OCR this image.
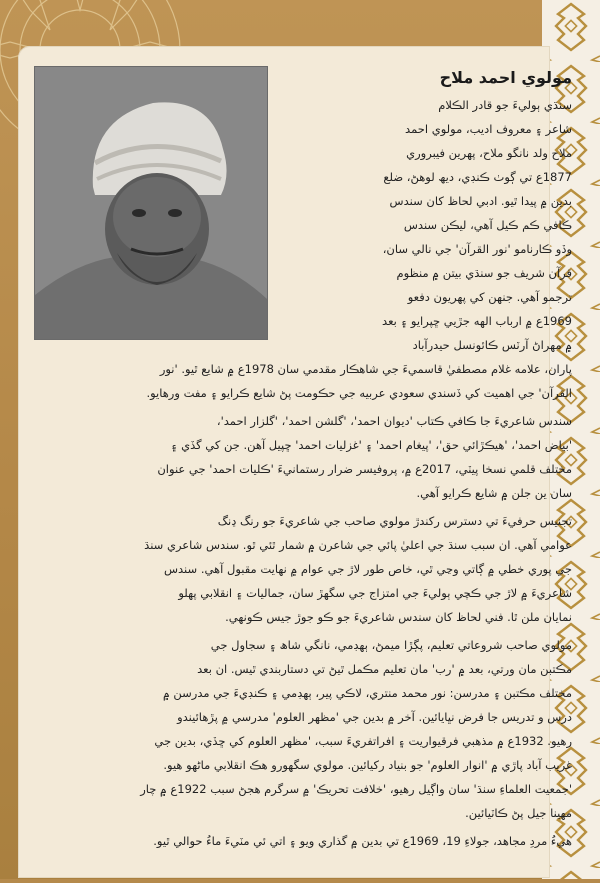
مولوي احمد ملاح
سنڌي ٻوليءَ جو قادر الڪلام
شاعر ۽ معروف اديب، مولوي احمد
ملاح ولد نانگو ملاح، پهرين فيبروري
1877ع تي ڳوٺ ڪنڊي، ديھ لوهڻ، ضلع
بدين ۾ پيدا ٿيو. ادبي لحاظ کان سندس
ڪافي ڪم ڪيل آهي، ليڪن سندس
وڏو ڪارنامو 'نور القرآن' جي نالي سان،
قرآن شريف جو سنڌي بيتن ۾ منظوم
ترجمو آهي. جنهن کي پهريون دفعو
1969ع ۾ ارباب الهه جڙيي ڇپرايو ۽ بعد
۾ مهراڻ آرٽس ڪائونسل حيدرآباد
پاران، علامه غلام مصطفيٰ قاسميءَ جي شاهڪار مقدمي سان 1978ع ۾ شايع ٿيو. 'نور
القرآن' جي اهميت کي ڏسندي سعودي عربيه جي حڪومت پڻ شايع ڪرايو ۽ مفت ورهايو.
سندس شاعريءَ جا ڪافي ڪتاب 'ديوان احمد'، 'گلشن احمد'، 'گلزار احمد'،
'بياض احمد'، 'هيڪڙائي حق'، 'پيغام احمد' ۽ 'غزليات احمد' ڇپيل آهن. جن کي گڏي ۽
مختلف قلمي نسخا پيٽي، 2017ع ۾، پروفيسر ضرار رستمانيءَ 'ڪليات احمد' جي عنوان
سان ين جلن ۾ شايع ڪرايو آهي.
تجنيس حرفيءَ تي دسترس رکندڙ مولوي صاحب جي شاعريءَ جو رنگ ڍنگ
عوامي آهي. ان سبب سنڌ جي اعليٰ پائي جي شاعرن ۾ شمار ٿئي ٿو. سندس شاعري سنڌ
جي پوري خطي ۾ ڳاتي وڃي ٿي، خاص طور لاڙ جي عوام ۾ نهايت مقبول آهي. سندس
شاعريءَ ۾ لاڙ جي ڪچي ٻوليءَ جي امتزاج جي سگھڙ سان، جماليات ۽ انقلابي پهلو
نمايان ملن ٿا. فني لحاظ کان سندس شاعريءَ جو ڪو جوڙ جيس ڪونهي.
مولوي صاحب شروعاتي تعليم، پڳڙا ميمڻ، ٻهڊمي، نانگي شاھ ۽ سجاول جي
مڪتبن مان ورتي، بعد ۾ 'رب' مان تعليم مڪمل ٿيڻ تي دستاربندي ٿيس. ان بعد
مختلف مڪتبن ۽ مدرسن: نور محمد منتري، لاڪي پير، ٻهڊمي ۽ ڪنڊيءَ جي مدرسن ۾
درس و تدريس جا فرض نڀايائين. آخر ۾ بدين جي 'مظهر العلوم' مدرسي ۾ پڙهائيندو
رهيو. 1932ع ۾ مذهبي فرقيواريت ۽ افراتفريءَ سبب، 'مظهر العلوم کي ڇڏي، بدين جي
غريب آباد پاڙي ۾ 'انوار العلوم' جو بنياد رکيائين. مولوي سگھورو هڪ انقلابي ماڻهو هيو.
'جمعيت العلماءِ سنڌ' سان واڳيل رهيو، 'خلافت تحريڪ' ۾ سرگرم هجڻ سبب 1922ع ۾ چار
مهينا جيل پڻ ڪاٽيائين.
هيءُ مردِ مجاهد، جولاءِ 19، 1969ع تي بدين ۾ گذاري ويو ۽ اتي ئي مٽيءَ ماءُ حوالي ٿيو.
